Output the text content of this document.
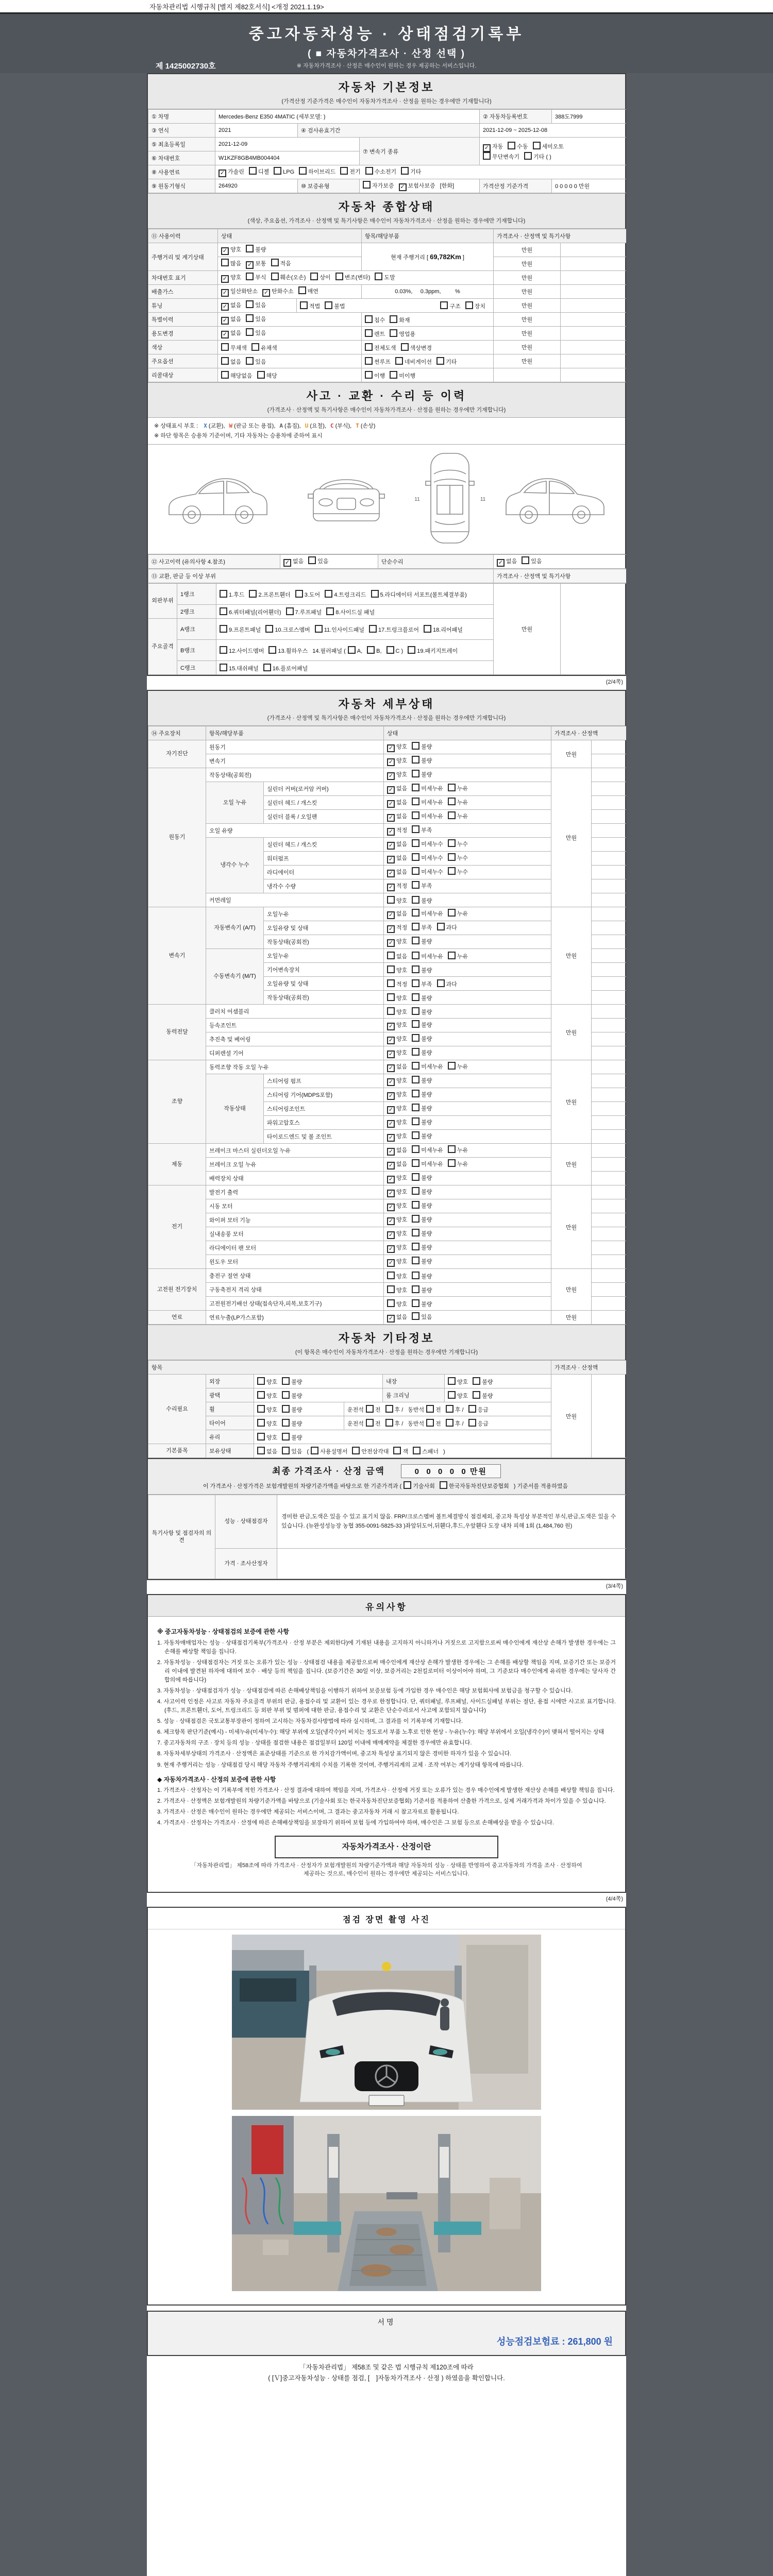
자동차관리법 시행규칙 [별지 제82호서식] <개정 2021.1.19>
중고자동차성능 · 상태점검기록부
( ■ 자동차가격조사 · 산정 선택 )
※ 자동차가격조사 · 산정은 매수인이 원하는 경우 제공하는 서비스입니다.
제 1425002730호
자동차 기본정보
(가격산정 기준가격은 매수인이 자동차가격조사 · 산정을 원하는 경우에만 기재합니다)
① 차명	Mercedes-Benz E350 4MATIC (세부모델: )			② 자동차등록번호	388도7999
③ 연식	2021	④ 검사유효기간		2021-12-09 ~ 2025-12-08	
⑤ 최초등록일	2021-12-09		⑦ 변속기 종류	✓ 자동 수동 세미오토
무단변속기 기타 ( )	

⑥ 차대번호	W1KZF8GB4MB004404				
⑧ 사용연료	✓ 가솔린 디젤 LPG 하이브리드 전기 수소전기 기타				
⑨ 원동기형식	264920	⑩ 보증유형	자가보증 ✓ 보험사보증 [한화]	가격산정 기준가격	0 0 0 0 0 만원
자동차 종합상태
(색상, 주요옵션, 가격조사 · 산정액 및 특기사항은 매수인이 자동차가격조사 · 산정을 원하는 경우에만 기재합니다)
⑪ 사용이력	상태		항목/해당부품	가격조사 · 산정액 및 특기사항	
주행거리 및 계기상태	✓ 양호 불량		현재 주행거리 [ 69,782Km ]	만원	
	많음 ✓ 보통 적음			만원	
차대번호 표기	✓ 양호 부식 훼손(오손) 상이 변조(변타) 도말			만원	
배출가스	✓ 일산화탄소 ✓ 탄화수소 매연		0.03%,     0.3ppm,         %	만원	
튜닝	✓ 없음 있음	적법 불법 구조 장치		만원	
특별이력	✓ 없음 있음		침수 화재	만원	
용도변경	✓ 없음 있음		렌트 영업용	만원	
색상	무채색 유채색		전체도색 색상변경	만원	
주요옵션	없음 있음		썬루프 네비게이션 기타	만원	
리콜대상	해당없음 해당		이행 미이행		
사고 · 교환 · 수리 등 이력
(가격조사 · 산정액 및 특기사항은 매수인이 자동차가격조사 · 산정을 원하는 경우에만 기재합니다)
※ 상태표시 부호 : X (교환), W (판금 또는 용접), A (흠집), U (요철), C (부식), T (손상)
※ 하단 항목은 승용차 기준이며, 기타 자동차는 승용차에 준하여 표시
11	11
⑫ 사고이력 (유의사항 4.참조)	✓ 없음 있음	단순수리	✓ 없음 있음
⑬ 교환, 판금 등 이상 부위	가격조사 · 산정액 및 특기사항
외판부위	1랭크	1.후드 2.프론트휀더 3.도어 4.트렁크리드 5.라디에이터 서포트(볼트체결부품)	만원	
	2랭크	6.쿼터패널(리어휀더) 7.루프패널 8.사이드실 패널		
주요골격	A랭크	9.프론트패널 10.크로스멤버 11.인사이드패널 17.트렁크플로어 18.리어패널		
	B랭크	12.사이드멤버 13.휠하우스 14.필러패널 ( A, B, C ) 19.패키지트레이		
	C랭크	15.대쉬패널 16.플로어패널		
(2/4쪽)
자동차 세부상태
(가격조사 · 산정액 및 특기사항은 매수인이 자동차가격조사 · 산정을 원하는 경우에만 기재합니다)
⑭ 주요장치	항목/해당부품		상태	가격조사 · 산정액	
자기진단	원동기		✓ 양호 불량	만원	
	변속기		✓ 양호 불량		
원동기	작동상태(공회전)		✓ 양호 불량	만원	
	오일 누유	실린더 커버(로커암 커버)	✓ 없음 미세누유 누유		
		실린더 헤드 / 개스킷	✓ 없음 미세누유 누유		
		실린더 블록 / 오일팬	✓ 없음 미세누유 누유		
	오일 유량		✓ 적정 부족		
	냉각수 누수	실린더 헤드 / 개스킷	✓ 없음 미세누수 누수		
		워터펌프	✓ 없음 미세누수 누수		
		라디에이터	✓ 없음 미세누수 누수		
		냉각수 수량	✓ 적정 부족		
	커먼레일		양호 불량		
변속기	자동변속기 (A/T)	오일누유	✓ 없음 미세누유 누유	만원	
		오일유량 및 상태	✓ 적정 부족 과다		
		작동상태(공회전)	✓ 양호 불량		
	수동변속기 (M/T)	오일누유	없음 미세누유 누유		
		기어변속장치	양호 불량		
		오일유량 및 상태	적정 부족 과다		
		작동상태(공회전)	양호 불량		
동력전달	클러치 어셈블리		양호 불량	만원	
	등속조인트		✓ 양호 불량		
	추진축 및 베어링		✓ 양호 불량		
	디퍼렌셜 기어		✓ 양호 불량		
조향	동력조향 작동 오일 누유		✓ 없음 미세누유 누유	만원	
	작동상태	스티어링 펌프	✓ 양호 불량		
		스티어링 기어(MDPS포함)	✓ 양호 불량		
		스티어링조인트	✓ 양호 불량		
		파워고압호스	✓ 양호 불량		
		타이로드엔드 및 볼 조인트	✓ 양호 불량		
제동	브레이크 마스터 실린더오일 누유		✓ 없음 미세누유 누유	만원	
	브레이크 오일 누유		✓ 없음 미세누유 누유		
	배력장치 상태		✓ 양호 불량		
전기	발전기 출력		✓ 양호 불량	만원	
	시동 모터		✓ 양호 불량		
	와이퍼 모터 기능		✓ 양호 불량		
	실내송풍 모터		✓ 양호 불량		
	라디에이터 팬 모터		✓ 양호 불량		
	윈도우 모터		✓ 양호 불량		
고전원 전기장치	충전구 절연 상태		양호 불량	만원	
	구동축전지 격리 상태		양호 불량		
	고전원전기배선 상태(접속단자,피복,보호기구)		양호 불량		
연료	연료누출(LP가스포함)		✓ 없음 있음	만원	
자동차 기타정보
(이 항목은 매수인이 자동차가격조사 · 산정을 원하는 경우에만 기재합니다)
항목						가격조사 · 산정액	
수리필요	외장	양호 불량		내장	양호 불량	만원	
	광택	양호 불량		룸 크리닝	양호 불량		
	휠	양호 불량	운전석 전 후 / 동반석 전 후 / 응급				
	타이어	양호 불량	운전석 전 후 / 동반석 전 후 / 응급				
	유리	양호 불량					
기본품목	보유상태	없음 있음 ( 사용설명서 안전삼각대 잭 스패너 )					
최종 가격조사 · 산정 금액	0  0  0  0  0 만원
이 가격조사 · 산정가격은 보험개발원의 차량기준가액을 바탕으로 한 기준가격과 ( 기술사회 한국자동차진단보증협회 ) 기준서를 적용하였음
특기사항 및 점검자의 의견	성능 · 상태점검자	경미한 판금,도색은 있을 수 있고 표기치 않음. FRP/크로스멤버 볼트체결방식 점검제외, 중고차 특성상 부분적인 부식,판금,도색은 있을 수 있습니다. (뉴완성성능장 농협 355-0091-5825-33 )좌앞뒤도어,뒤휀다,후드,우앞휀다 도장 내차 피해 1회 (1,484,760 원)
	가격 · 조사산정자	
(3/4쪽)
유의사항
※ 중고자동차성능 · 상태점검의 보증에 관한 사항

1. 자동차매매업자는 성능 · 상태점검기록부(가격조사 · 산정 부분은 제외한다)에 기재된 내용을 고지하지 아니하거나 거짓으로 고지함으로써 매수인에게 재산상 손해가 발생한 경우에는 그 손해를 배상할 책임을 집니다.

2. 자동차성능 · 상태점검자는 거짓 또는 오류가 있는 성능 · 상태점검 내용을 제공함으로써 매수인에게 재산상 손해가 발생한 경우에는 그 손해를 배상할 책임을 지며, 보증기간 또는 보증거리 이내에 발견된 하자에 대하여 보수 · 배상 등의 책임을 집니다. (보증기간은 30일 이상, 보증거리는 2천킬로미터 이상이어야 하며, 그 기준보다 매수인에게 유리한 경우에는 당사자 간 합의에 따릅니다)

3. 자동차성능 · 상태점검자가 성능 · 상태점검에 따른 손해배상책임을 이행하기 위하여 보증보험 등에 가입한 경우 매수인은 해당 보험회사에 보험금을 청구할 수 있습니다.

4. 사고이력 인정은 사고로 자동차 주요골격 부위의 판금, 용접수리 및 교환이 있는 경우로 한정합니다. 단, 쿼터패널, 루프패널, 사이드실패널 부위는 절단, 용접 시에만 사고로 표기합니다. (후드, 프론트휀더, 도어, 트렁크리드 등 외판 부위 및 범퍼에 대한 판금, 용접수리 및 교환은 단순수리로서 사고에 포함되지 않습니다)

5. 성능 · 상태점검은 국토교통부장관이 정하여 고시하는 자동차검사방법에 따라 실시하며, 그 결과를 이 기록부에 기재합니다.

6. 체크항목 판단기준(예시) - 미세누유(미세누수): 해당 부위에 오일(냉각수)이 비치는 정도로서 부품 노후로 인한 현상 - 누유(누수): 해당 부위에서 오일(냉각수)이 맺혀서 떨어지는 상태

7. 중고자동차의 구조 · 장치 등의 성능 · 상태를 점검한 내용은 점검일부터 120일 이내에 매매계약을 체결한 경우에만 유효합니다.

8. 자동차세부상태의 가격조사 · 산정액은 표준상태를 기준으로 한 가치감가액이며, 중고차 특성상 표기되지 않은 경미한 하자가 있을 수 있습니다.

9. 현재 주행거리는 성능 · 상태점검 당시 해당 자동차 주행거리계의 수치를 기록한 것이며, 주행거리계의 교체 · 조작 여부는 계기상태 항목에 따릅니다.

◆ 자동차가격조사 · 산정의 보증에 관한 사항

1. 가격조사 · 산정자는 이 기록부에 적힌 가격조사 · 산정 결과에 대하여 책임을 지며, 가격조사 · 산정에 거짓 또는 오류가 있는 경우 매수인에게 발생한 재산상 손해를 배상할 책임을 집니다.

2. 가격조사 · 산정액은 보험개발원의 차량기준가액을 바탕으로 (기술사회 또는 한국자동차진단보증협회) 기준서를 적용하여 산출한 가격으로, 실제 거래가격과 차이가 있을 수 있습니다.

3. 가격조사 · 산정은 매수인이 원하는 경우에만 제공되는 서비스이며, 그 결과는 중고자동차 거래 시 참고자료로 활용됩니다.

4. 가격조사 · 산정자는 가격조사 · 산정에 따른 손해배상책임을 보장하기 위하여 보험 등에 가입하여야 하며, 매수인은 그 보험 등으로 손해배상을 받을 수 있습니다.

자동차가격조사 · 산정이란
「자동차관리법」 제58조에 따라 가격조사 · 산정자가 보험개발원의 차량기준가액과 해당 자동차의 성능 · 상태를 반영하여 중고자동차의 가격을 조사 · 산정하여 제공하는 것으로, 매수인이 원하는 경우에만 제공되는 서비스입니다.
(4/4쪽)
점검 장면 촬영 사진
서명
성능점검보험료 : 261,800 원
「자동차관리법」 제58조 및 같은 법 시행규칙 제120조에 따라
( [Ｖ]중고자동차성능 · 상태를 점검, [　]자동차가격조사 · 산정 ) 하였음을 확인합니다.
